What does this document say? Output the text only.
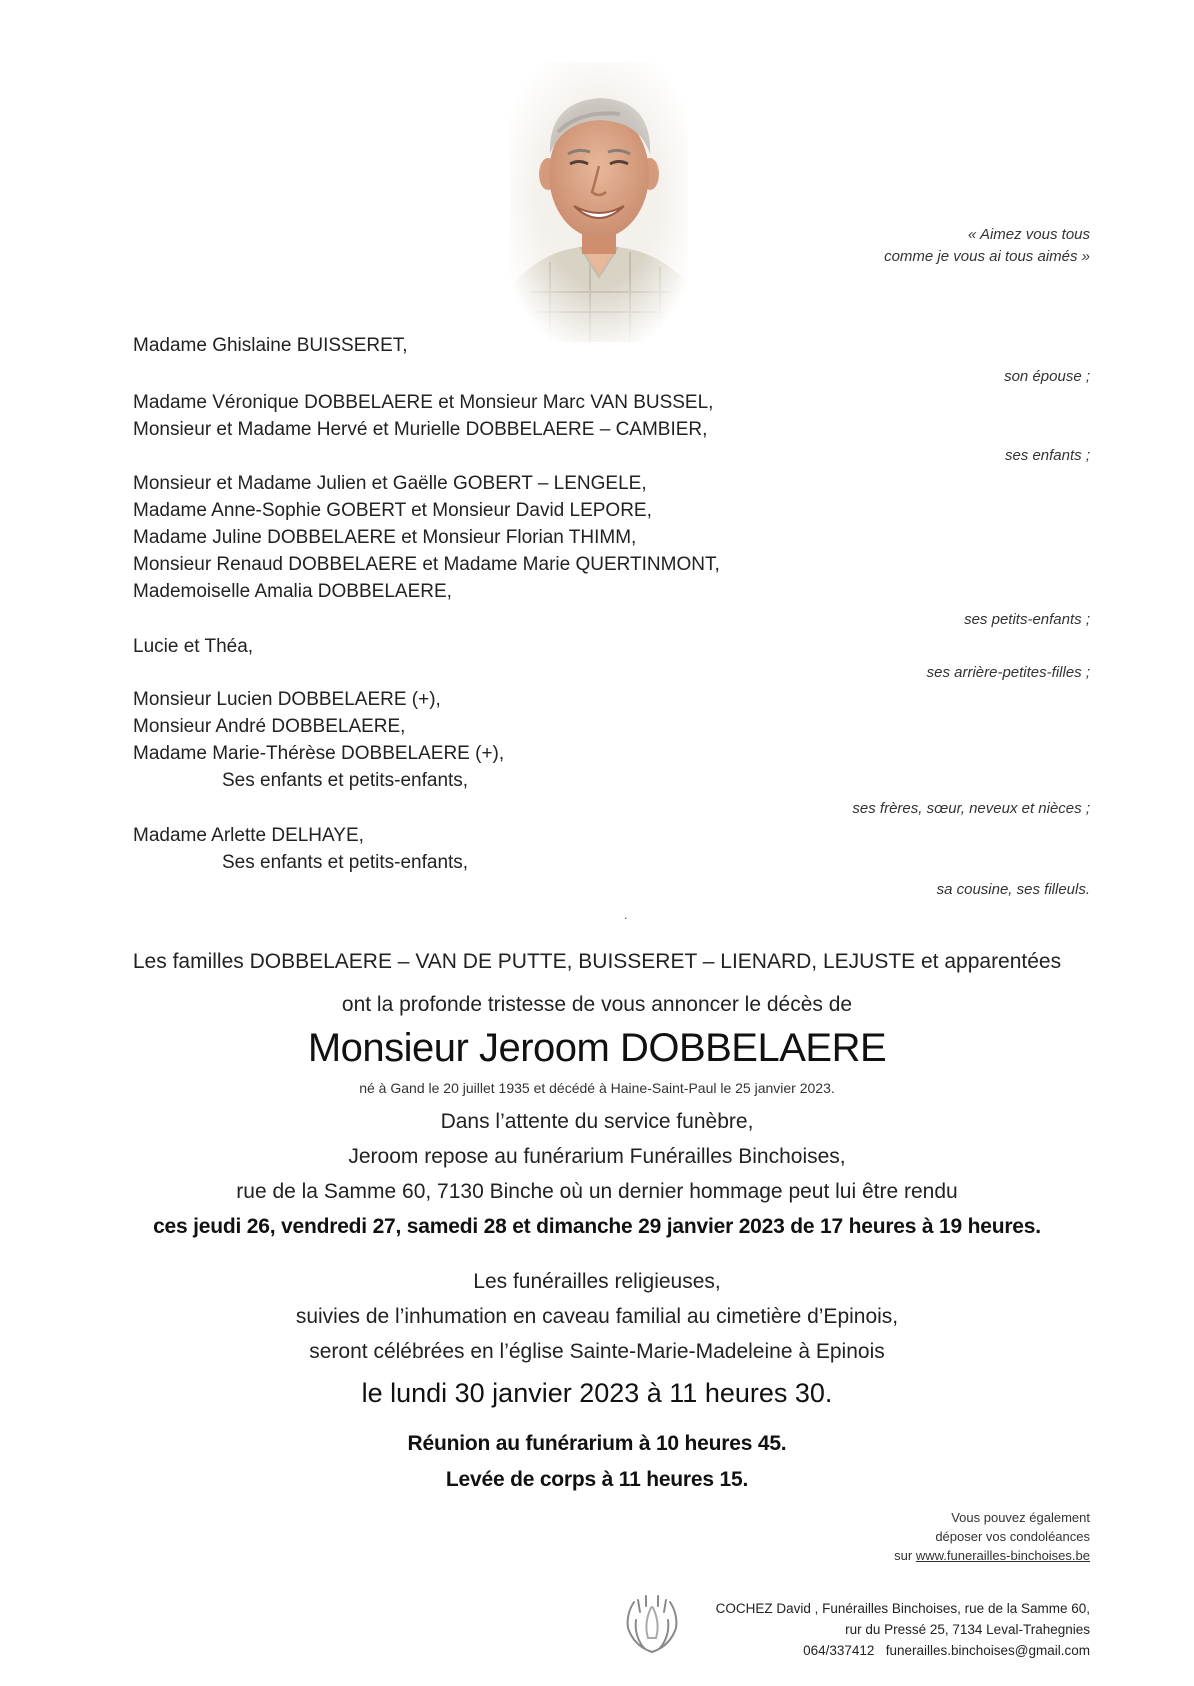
« Aimez vous tous
comme je vous ai tous aimés »
Madame Ghislaine BUISSERET,
son épouse ;
Madame Véronique DOBBELAERE et Monsieur Marc VAN BUSSEL,
Monsieur et Madame Hervé et Murielle DOBBELAERE – CAMBIER,
ses enfants ;
Monsieur et Madame Julien et Gaëlle GOBERT – LENGELE,
Madame Anne-Sophie GOBERT et Monsieur David LEPORE,
Madame Juline DOBBELAERE et Monsieur Florian THIMM,
Monsieur Renaud DOBBELAERE et Madame Marie QUERTINMONT,
Mademoiselle Amalia DOBBELAERE,
ses petits-enfants ;
Lucie et Théa,
ses arrière-petites-filles ;
Monsieur Lucien DOBBELAERE (+),
Monsieur André DOBBELAERE,
Madame Marie-Thérèse DOBBELAERE (+),
Ses enfants et petits-enfants,
ses frères, sœur, neveux et nièces ;
Madame Arlette DELHAYE,
Ses enfants et petits-enfants,
sa cousine, ses filleuls.
.
Les familles DOBBELAERE – VAN DE PUTTE, BUISSERET – LIENARD, LEJUSTE et apparentées
ont la profonde tristesse de vous annoncer le décès de
Monsieur Jeroom DOBBELAERE
né à Gand le 20 juillet 1935 et décédé à Haine-Saint-Paul le 25 janvier 2023.
Dans l’attente du service funèbre,
Jeroom repose au funérarium Funérailles Binchoises,
rue de la Samme 60, 7130 Binche où un dernier hommage peut lui être rendu
ces jeudi 26, vendredi 27, samedi 28 et dimanche 29 janvier 2023 de 17 heures à 19 heures.
Les funérailles religieuses,
suivies de l’inhumation en caveau familial au cimetière d’Epinois,
seront célébrées en l’église Sainte-Marie-Madeleine à Epinois
le lundi 30 janvier 2023 à 11 heures 30.
Réunion au funérarium à 10 heures 45.
Levée de corps à 11 heures 15.
Vous pouvez également
déposer vos condoléances
sur www.funerailles-binchoises.be
COCHEZ David , Funérailles Binchoises, rue de la Samme 60,
rur du Pressé 25, 7134 Leval-Trahegnies
064/337412 funerailles.binchoises@gmail.com
